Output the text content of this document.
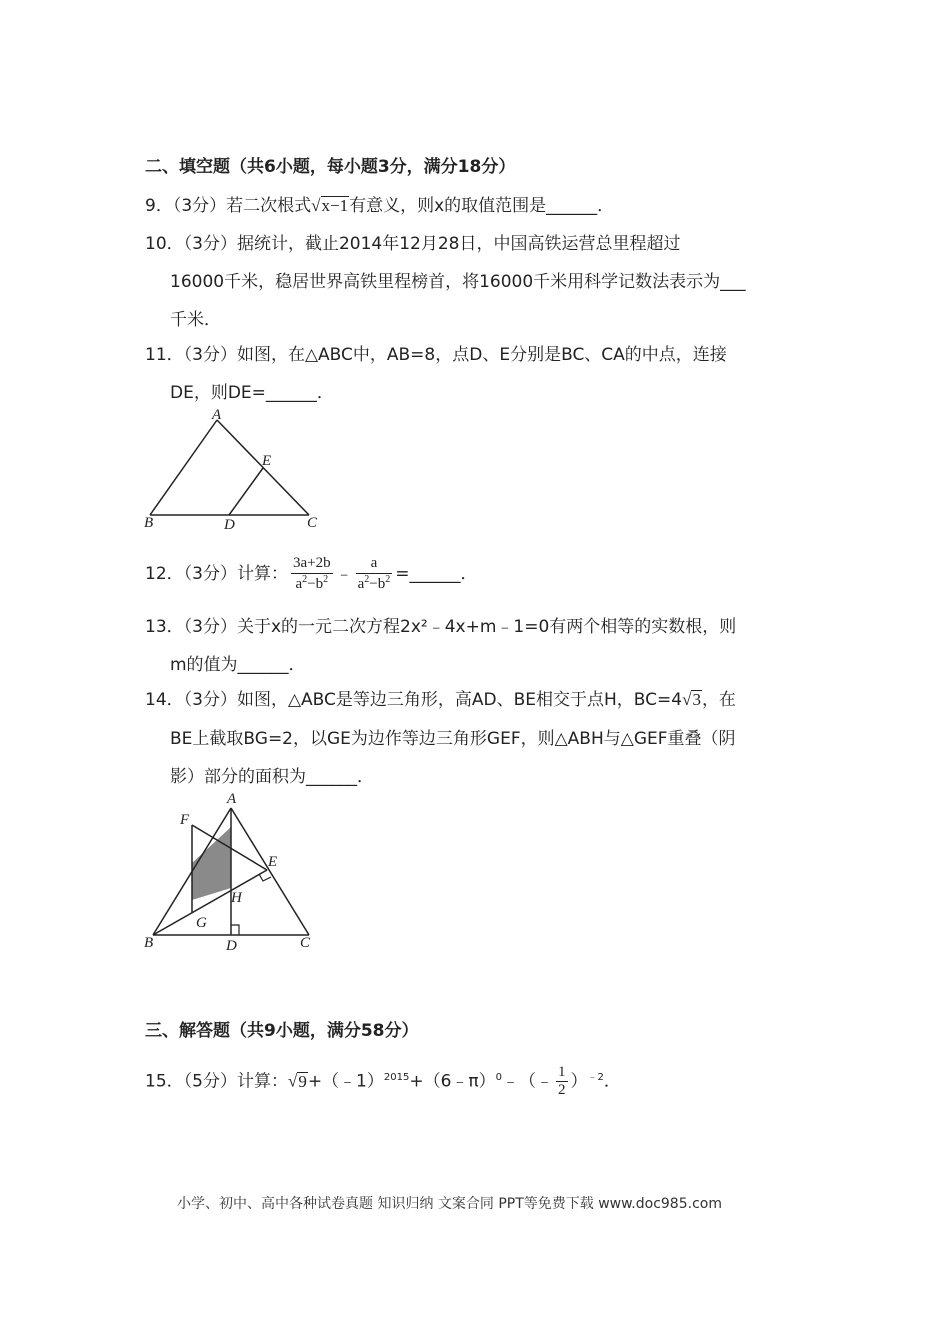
二、填空题（共6小题，每小题3分，满分18分）
9．（3分）若二次根式√x−1有意义，则x的取值范围是______．
10．（3分）据统计，截止2014年12月28日，中国高铁运营总里程超过
16000千米，稳居世界高铁里程榜首，将16000千米用科学记数法表示为___
千米．
11．（3分）如图，在△ABC中，AB=8，点D、E分别是BC、CA的中点，连接
DE，则DE=______．
A
B	C
D
E
12．（3分）计算： $\frac{3a+2b}{a^2-b^2}$ ﹣ $\frac{a}{a^2-b^2}$ =______．
13．（3分）关于x的一元二次方程2x²﹣4x+m﹣1=0有两个相等的实数根，则
m的值为______．
14．（3分）如图，△ABC是等边三角形，高AD、BE相交于点H，BC=4√3，在
BE上截取BG=2，以GE为边作等边三角形GEF，则△ABH与△GEF重叠（阴
影）部分的面积为______．
A
F
E
H
G
B	D	C
三、解答题（共9小题，满分58分）
15．（5分）计算：√9+（﹣1）$^{2015}$+（6﹣π）$^0$﹣（﹣ $\frac{1}{2} )^{﹣2}$．
小学、初中、高中各种试卷真题 知识归纳 文案合同 PPT等免费下载 www.doc985.com
